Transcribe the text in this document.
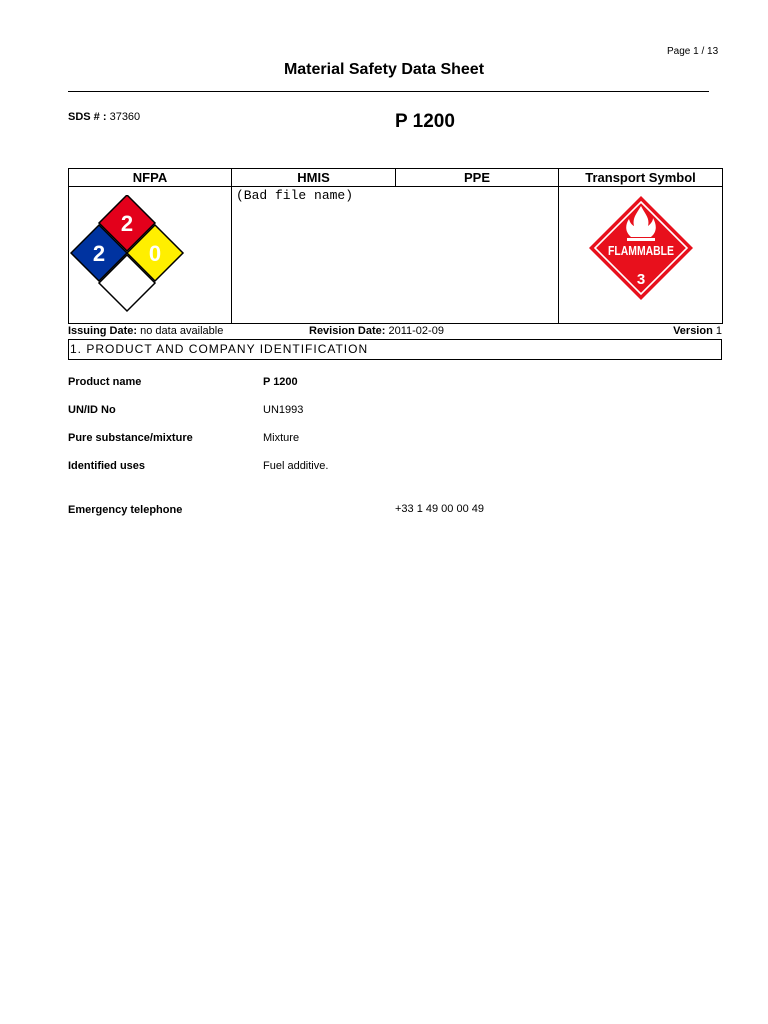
Page 1 / 13
Material Safety Data Sheet
SDS # : 37360	P 1200
NFPA	HMIS	PPE	Transport Symbol

2
2 0	(Bad file name)		FLAMMABLE
3
Issuing Date: no data available	Revision Date: 2011-02-09	Version 1
1. PRODUCT AND COMPANY IDENTIFICATION
Product name	P 1200
UN/ID No	UN1993
Pure substance/mixture	Mixture
Identified uses	Fuel additive.
Emergency telephone	+33 1 49 00 00 49
